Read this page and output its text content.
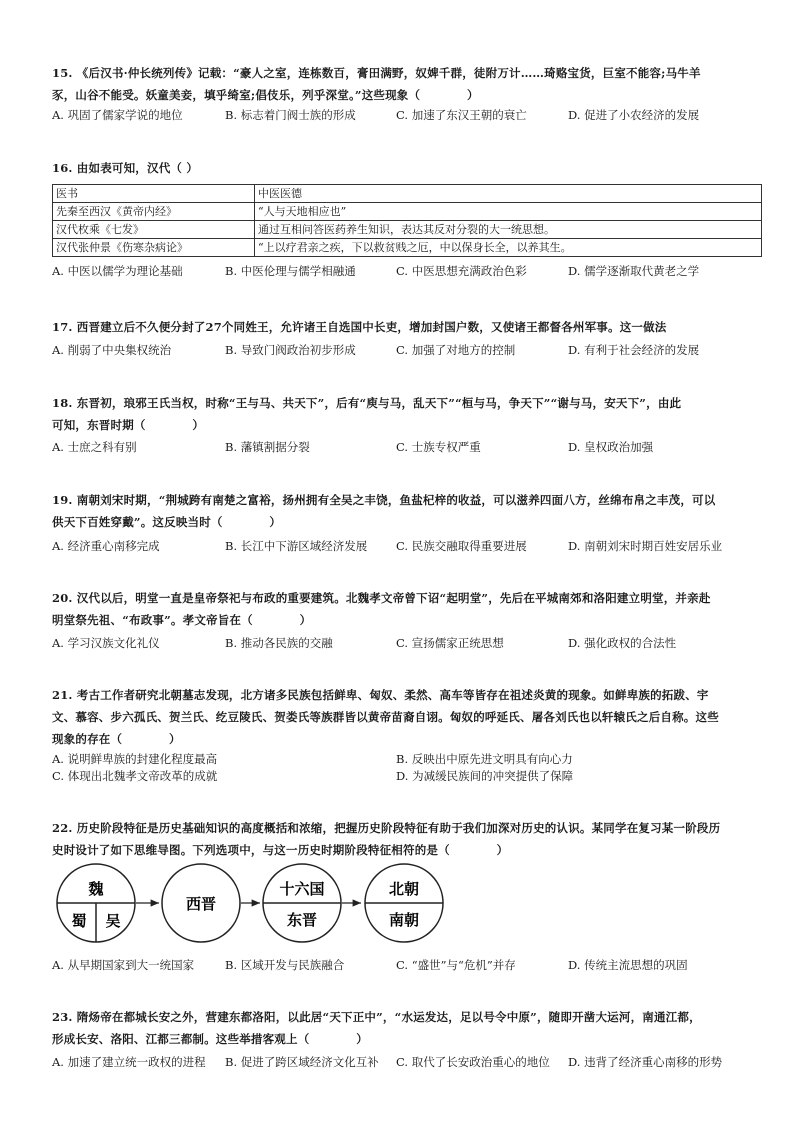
15. 《后汉书·仲长统列传》记载：“豪人之室，连栋数百，膏田满野，奴婢千群，徒附万计……琦赂宝货，巨室不能容;马牛羊
豕，山谷不能受。妖童美妾，填乎绮室;倡伎乐，列乎深堂。”这些现象（　　　　）
A. 巩固了儒家学说的地位	B. 标志着门阀士族的形成	C. 加速了东汉王朝的衰亡	D. 促进了小农经济的发展
16. 由如表可知，汉代（ ）
医书	中医医德
先秦至西汉《黄帝内经》	“人与天地相应也”
汉代枚乘《七发》	通过互相问答医药养生知识，表达其反对分裂的大一统思想。
汉代张仲景《伤寒杂病论》	“上以疗君亲之疾，下以救贫贱之厄，中以保身长全，以养其生。
A. 中医以儒学为理论基础	B. 中医伦理与儒学相融通	C. 中医思想充满政治色彩	D. 儒学逐渐取代黄老之学
17. 西晋建立后不久便分封了27个同姓王，允许诸王自选国中长吏，增加封国户数，又使诸王都督各州军事。这一做法
A. 削弱了中央集权统治	B. 导致门阀政治初步形成	C. 加强了对地方的控制	D. 有利于社会经济的发展
18. 东晋初，琅邪王氏当权，时称“王与马、共天下”，后有“庾与马，乱天下”“桓与马，争天下”“谢与马，安天下”，由此
可知，东晋时期（　　　　）
A. 士庶之科有别	B. 藩镇割据分裂	C. 士族专权严重	D. 皇权政治加强
19. 南朝刘宋时期，“荆城跨有南楚之富裕，扬州拥有全吴之丰饶，鱼盐杞梓的收益，可以滋养四面八方，丝绵布帛之丰茂，可以
供天下百姓穿戴”。这反映当时（　　　　）
A. 经济重心南移完成	B. 长江中下游区域经济发展 C. 民族交融取得重要进展	D. 南朝刘宋时期百姓安居乐业
20. 汉代以后，明堂一直是皇帝祭祀与布政的重要建筑。北魏孝文帝曾下诏“起明堂”，先后在平城南郊和洛阳建立明堂，并亲赴
明堂祭先祖、“布政事”。孝文帝旨在（　　　　）
A. 学习汉族文化礼仪	B. 推动各民族的交融	C. 宣扬儒家正统思想	D. 强化政权的合法性
21. 考古工作者研究北朝墓志发现，北方诸多民族包括鲜卑、匈奴、柔然、高车等皆存在祖述炎黄的现象。如鲜卑族的拓跋、宇
文、慕容、步六孤氏、贺兰氏、纥豆陵氏、贺娄氏等族群皆以黄帝苗裔自诩。匈奴的呼延氏、屠各刘氏也以轩辕氏之后自称。这些
现象的存在（　　　　）
A. 说明鲜卑族的封建化程度最高	B. 反映出中原先进文明具有向心力
C. 体现出北魏孝文帝改革的成就	D. 为减缓民族间的冲突提供了保障
22. 历史阶段特征是历史基础知识的高度概括和浓缩，把握历史阶段特征有助于我们加深对历史的认识。某同学在复习某一阶段历
史时设计了如下思维导图。下列选项中，与这一历史时期阶段特征相符的是（　　　　）
魏
蜀 吴
西晋
十六国
东晋
北朝
南朝
A. 从早期国家到大一统国家	B. 区域开发与民族融合	C. “盛世”与“危机”并存	D. 传统主流思想的巩固
23. 隋炀帝在都城长安之外，营建东都洛阳，以此居“天下正中”，“水运发达，足以号令中原”，随即开凿大运河，南通江都，
形成长安、洛阳、江都三都制。这些举措客观上（　　　　）
A. 加速了建立统一政权的进程 B. 促进了跨区域经济文化互补 C. 取代了长安政治重心的地位 D. 违背了经济重心南移的形势
